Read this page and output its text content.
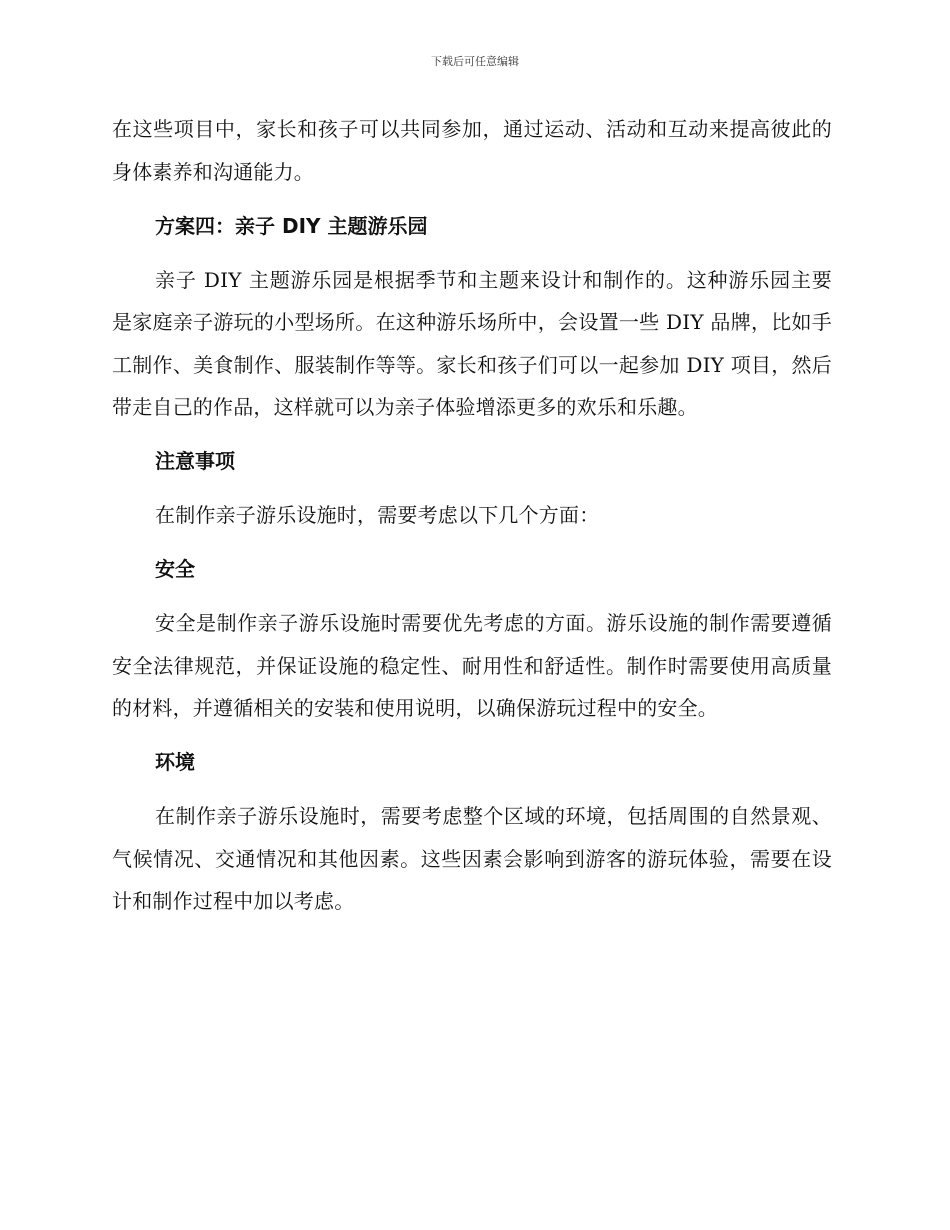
下载后可任意编辑

在这些项目中，家长和孩子可以共同参加，通过运动、活动和互动来提高彼此的身体素养和沟通能力。

方案四：亲子 DIY 主题游乐园

亲子 DIY 主题游乐园是根据季节和主题来设计和制作的。这种游乐园主要是家庭亲子游玩的小型场所。在这种游乐场所中，会设置一些 DIY 品牌，比如手工制作、美食制作、服装制作等等。家长和孩子们可以一起参加 DIY 项目，然后带走自己的作品，这样就可以为亲子体验增添更多的欢乐和乐趣。

注意事项

在制作亲子游乐设施时，需要考虑以下几个方面：

安全

安全是制作亲子游乐设施时需要优先考虑的方面。游乐设施的制作需要遵循安全法律规范，并保证设施的稳定性、耐用性和舒适性。制作时需要使用高质量的材料，并遵循相关的安装和使用说明，以确保游玩过程中的安全。

环境

在制作亲子游乐设施时，需要考虑整个区域的环境，包括周围的自然景观、气候情况、交通情况和其他因素。这些因素会影响到游客的游玩体验，需要在设计和制作过程中加以考虑。
